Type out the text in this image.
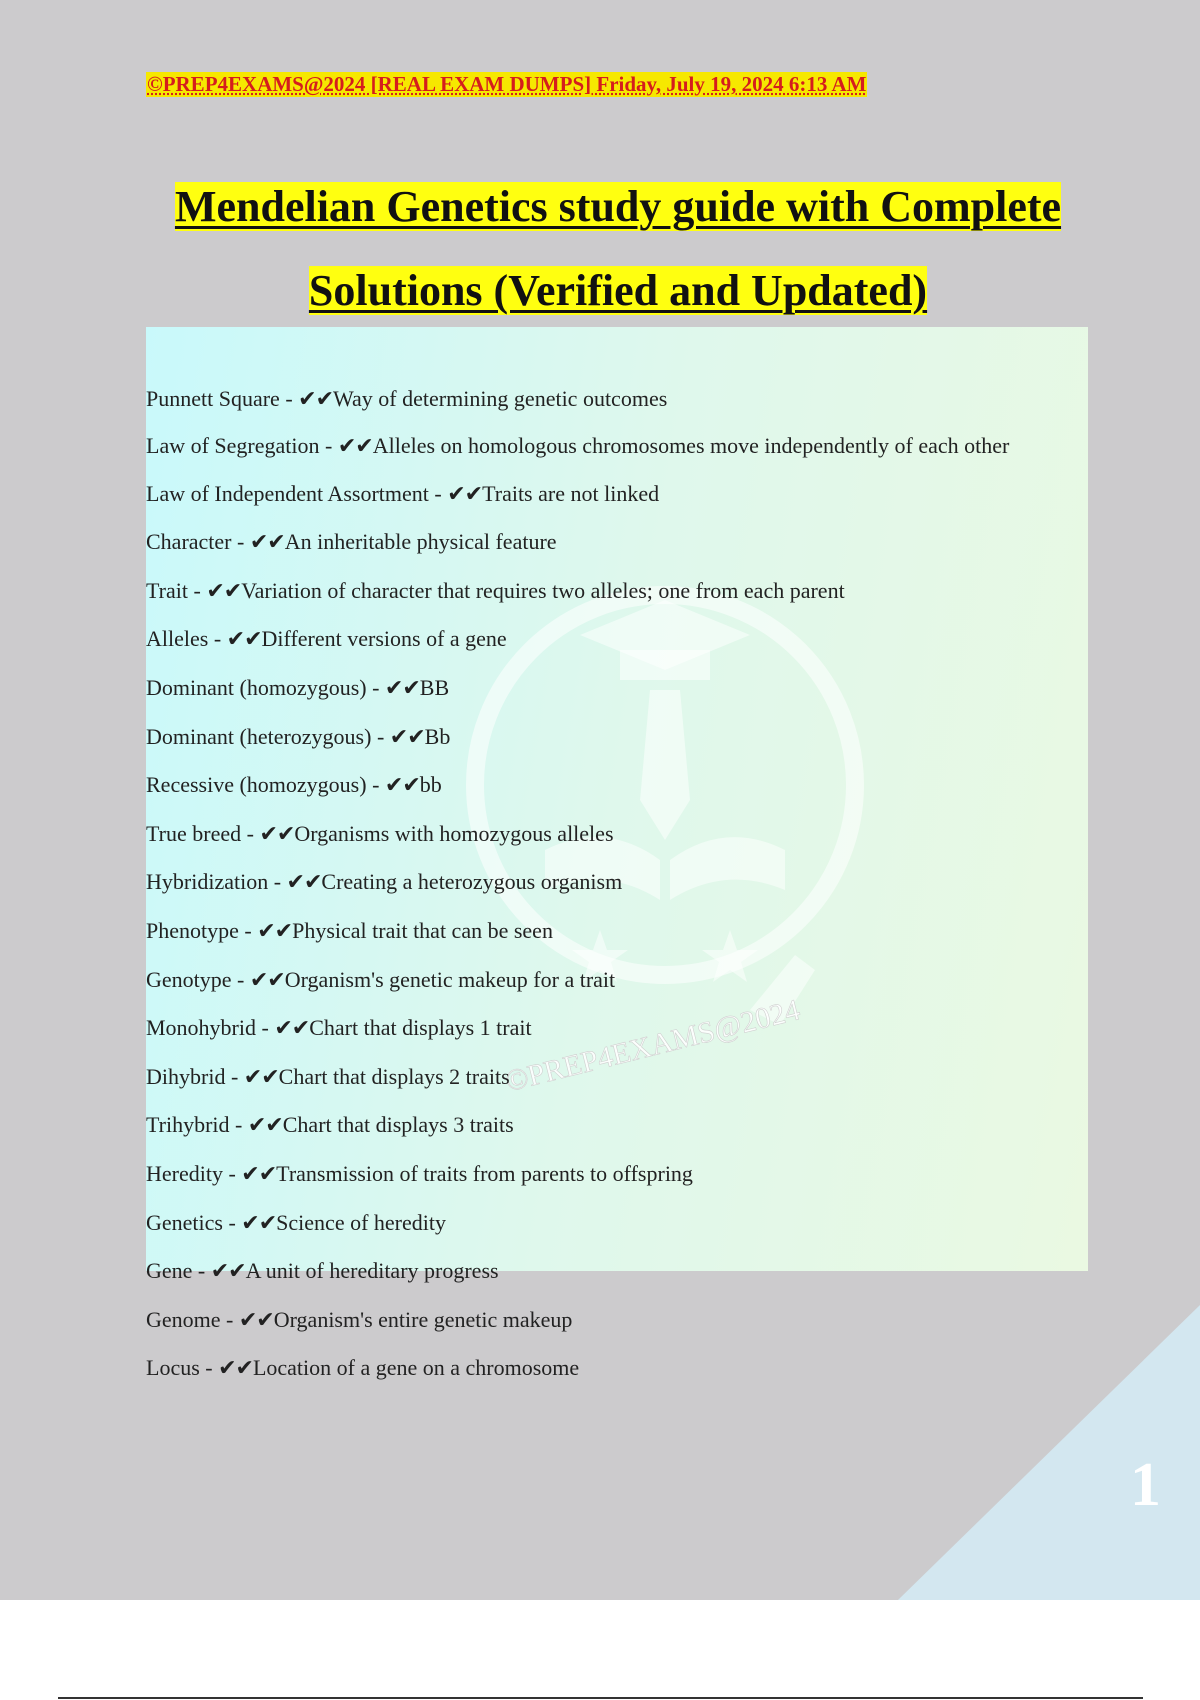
©PREP4EXAMS@2024 [REAL EXAM DUMPS] Friday, July 19, 2024 6:13 AM
Mendelian Genetics study guide with Complete
Solutions (Verified and Updated)
©PREP4EXAMS@2024
Punnett Square - ✔✔Way of determining genetic outcomes
Law of Segregation - ✔✔Alleles on homologous chromosomes move independently of each other
Law of Independent Assortment - ✔✔Traits are not linked
Character - ✔✔An inheritable physical feature
Trait - ✔✔Variation of character that requires two alleles; one from each parent
Alleles - ✔✔Different versions of a gene
Dominant (homozygous) - ✔✔BB
Dominant (heterozygous) - ✔✔Bb
Recessive (homozygous) - ✔✔bb
True breed - ✔✔Organisms with homozygous alleles
Hybridization - ✔✔Creating a heterozygous organism
Phenotype - ✔✔Physical trait that can be seen
Genotype - ✔✔Organism's genetic makeup for a trait
Monohybrid - ✔✔Chart that displays 1 trait
Dihybrid - ✔✔Chart that displays 2 traits
Trihybrid - ✔✔Chart that displays 3 traits
Heredity - ✔✔Transmission of traits from parents to offspring
Genetics - ✔✔Science of heredity
Gene - ✔✔A unit of hereditary progress
Genome - ✔✔Organism's entire genetic makeup
Locus - ✔✔Location of a gene on a chromosome
1
